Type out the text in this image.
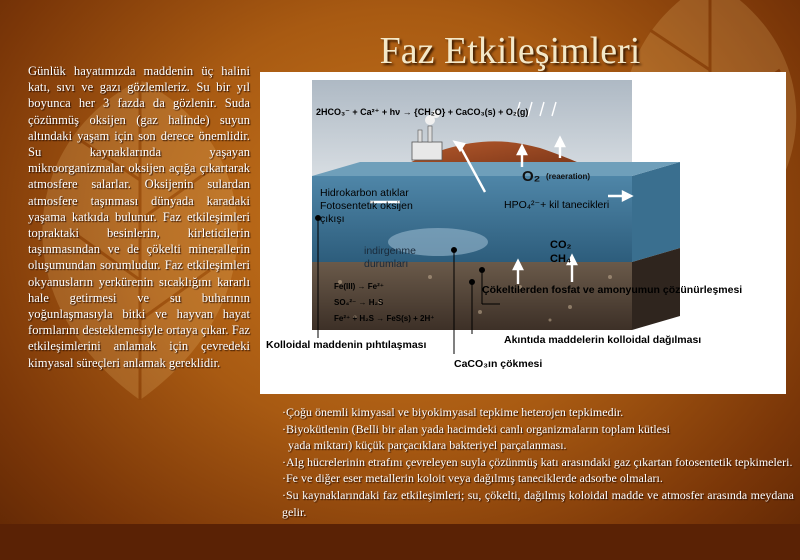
Faz Etkileşimleri
Günlük hayatımızda maddenin üç halini katı, sıvı ve gazı gözlemleriz. Su bir yıl boyunca her 3 fazda da gözlenir. Suda çözünmüş oksijen (gaz halinde) suyun altındaki yaşam için son derece önemlidir. Su kaynaklarında yaşayan mikroorganizmalar oksijen açığa çıkartarak atmosfere salarlar. Oksijenin sulardan atmosfere taşınması dünyada karadaki yaşama katkıda bulunur. Faz etkileşimleri topraktaki besinlerin, kirleticilerin taşınmasından ve de çökelti minerallerin oluşumundan sorumludur. Faz etkileşimleri okyanusların yerkürenin sıcaklığını kararlı hale getirmesi ve su buharının yoğunlaşmasıyla bitki ve hayvan hayat formlarını desteklemesiyle ortaya çıkar. Faz etkileşimlerini anlamak için çevredeki kimyasal süreçleri anlamak gereklidir.
2HCO₃⁻ + Ca²⁺ + hν → {CH₂O} + CaCO₃(s) + O₂(g)
O₂ (reaeration)
Hidrokarbon atıklar
Fotosentetik oksijen
çıkışı
HPO₄²⁻+ kil tanecikleri
indirgenme
durumları
CO₂
CH₄
Fe(III) → Fe²⁺
SO₄²⁻ → H₂S
Fe²⁺ + H₂S → FeS(s) + 2H⁺
Çökeltilerden fosfat ve amonyumun çözünürleşmesi
Akıntıda maddelerin kolloidal dağılması
Kolloidal maddenin pıhtılaşması
CaCO₃ın çökmesi

·Çoğu önemli kimyasal ve biyokimyasal tepkime heterojen tepkimedir.

·Biyokütlenin (Belli bir alan yada hacimdeki canlı organizmaların toplam kütlesi

yada miktarı) küçük parçacıklara bakteriyel parçalanması.

·Alg hücrelerinin etrafını çevreleyen suyla çözünmüş katı arasındaki gaz çıkartan fotosentetik tepkimeleri.

·Fe ve diğer eser metallerin koloit veya dağılmış taneciklerde adsorbe olmaları.

·Su kaynaklarındaki faz etkileşimleri; su, çökelti, dağılmış koloidal madde ve atmosfer arasında meydana gelir.
